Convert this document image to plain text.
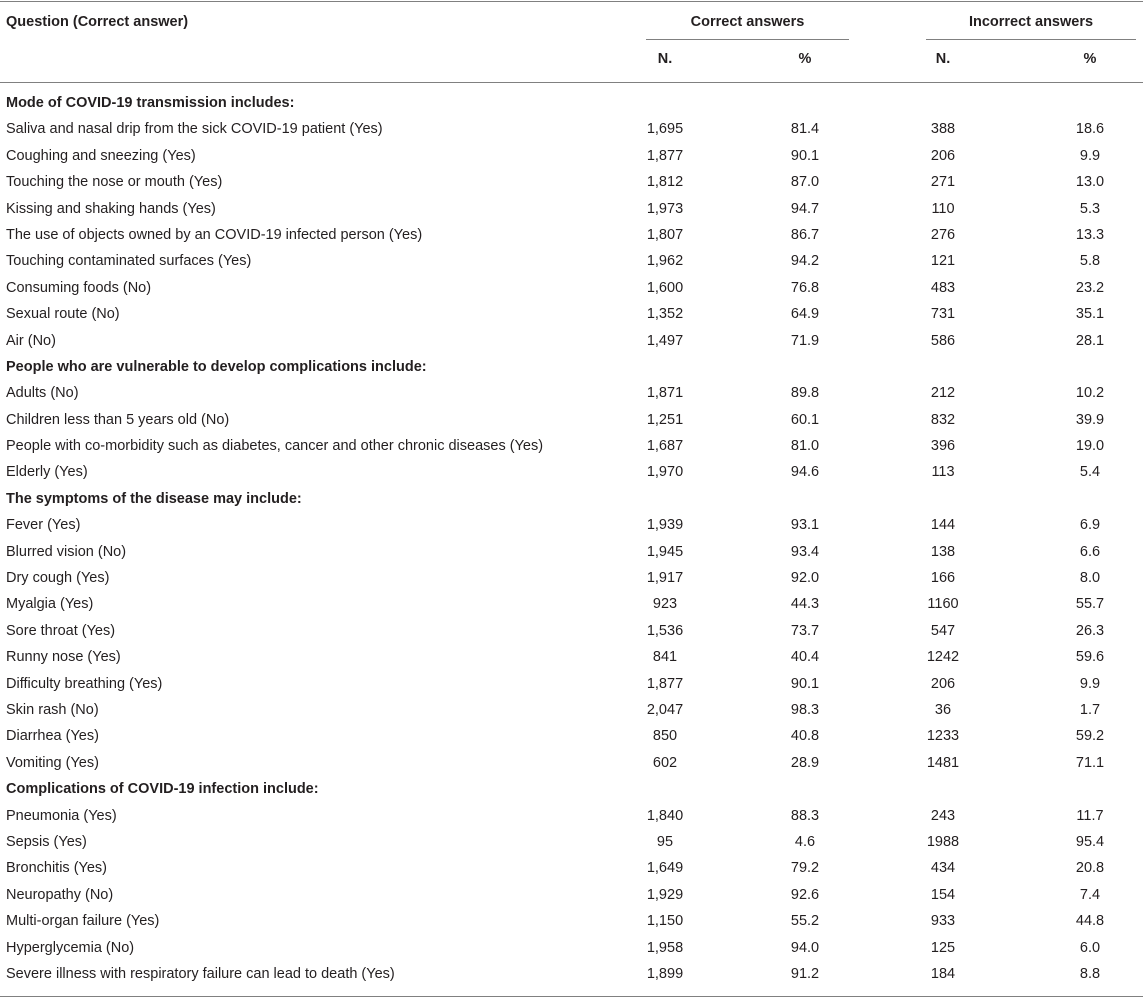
Question (Correct answer)	Correct answers	Incorrect answers
N.	%	N.	%
Mode of COVID-19 transmission includes:
Saliva and nasal drip from the sick COVID-19 patient (Yes)	1,695	81.4	388	18.6
Coughing and sneezing (Yes)	1,877	90.1	206	9.9
Touching the nose or mouth (Yes)	1,812	87.0	271	13.0
Kissing and shaking hands (Yes)	1,973	94.7	110	5.3
The use of objects owned by an COVID-19 infected person (Yes)	1,807	86.7	276	13.3
Touching contaminated surfaces (Yes)	1,962	94.2	121	5.8
Consuming foods (No)	1,600	76.8	483	23.2
Sexual route (No)	1,352	64.9	731	35.1
Air (No)	1,497	71.9	586	28.1
People who are vulnerable to develop complications include:
Adults (No)	1,871	89.8	212	10.2
Children less than 5 years old (No)	1,251	60.1	832	39.9
People with co-morbidity such as diabetes, cancer and other chronic diseases (Yes)	1,687	81.0	396	19.0
Elderly (Yes)	1,970	94.6	113	5.4
The symptoms of the disease may include:
Fever (Yes)	1,939	93.1	144	6.9
Blurred vision (No)	1,945	93.4	138	6.6
Dry cough (Yes)	1,917	92.0	166	8.0
Myalgia (Yes)	923	44.3	1160	55.7
Sore throat (Yes)	1,536	73.7	547	26.3
Runny nose (Yes)	841	40.4	1242	59.6
Difficulty breathing (Yes)	1,877	90.1	206	9.9
Skin rash (No)	2,047	98.3	36	1.7
Diarrhea (Yes)	850	40.8	1233	59.2
Vomiting (Yes)	602	28.9	1481	71.1
Complications of COVID-19 infection include:
Pneumonia (Yes)	1,840	88.3	243	11.7
Sepsis (Yes)	95	4.6	1988	95.4
Bronchitis (Yes)	1,649	79.2	434	20.8
Neuropathy (No)	1,929	92.6	154	7.4
Multi-organ failure (Yes)	1,150	55.2	933	44.8
Hyperglycemia (No)	1,958	94.0	125	6.0
Severe illness with respiratory failure can lead to death (Yes)	1,899	91.2	184	8.8
